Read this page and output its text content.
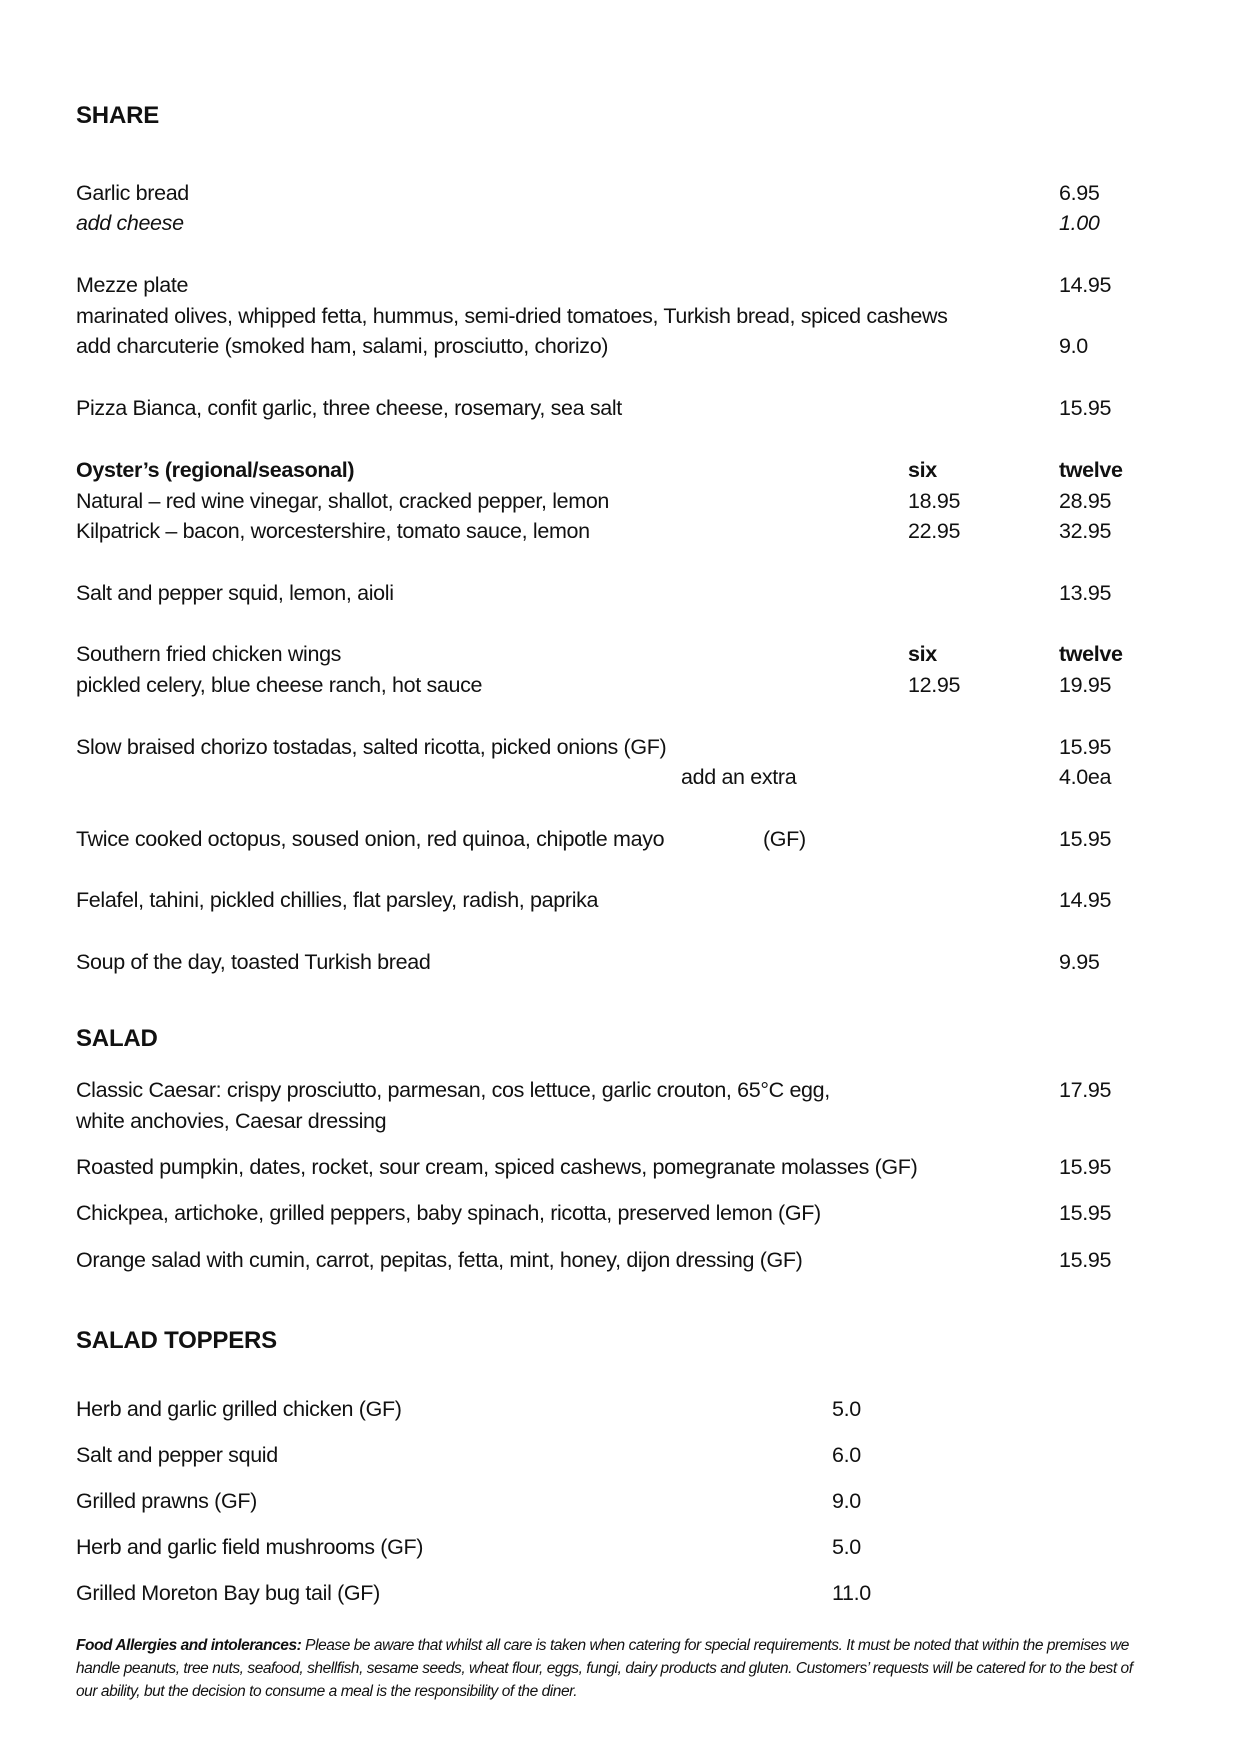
SHARE
Garlic bread	6.95
add cheese	1.00
Mezze plate	14.95
marinated olives, whipped fetta, hummus, semi-dried tomatoes, Turkish bread, spiced cashews
add charcuterie (smoked ham, salami, prosciutto, chorizo)	9.0
Pizza Bianca, confit garlic, three cheese, rosemary, sea salt	15.95
Oyster’s (regional/seasonal)	six	twelve
Natural – red wine vinegar, shallot, cracked pepper, lemon	18.95	28.95
Kilpatrick – bacon, worcestershire, tomato sauce, lemon	22.95	32.95
Salt and pepper squid, lemon, aioli	13.95
Southern fried chicken wings	six	twelve
pickled celery, blue cheese ranch, hot sauce	12.95	19.95
Slow braised chorizo tostadas, salted ricotta, picked onions (GF)	15.95
add an extra	4.0ea
Twice cooked octopus, soused onion, red quinoa, chipotle mayo	(GF)	15.95
Felafel, tahini, pickled chillies, flat parsley, radish, paprika	14.95
Soup of the day, toasted Turkish bread	9.95
SALAD
Classic Caesar: crispy prosciutto, parmesan, cos lettuce, garlic crouton, 65°C egg,	17.95
white anchovies, Caesar dressing
Roasted pumpkin, dates, rocket, sour cream, spiced cashews, pomegranate molasses (GF)	15.95
Chickpea, artichoke, grilled peppers, baby spinach, ricotta, preserved lemon (GF)	15.95
Orange salad with cumin, carrot, pepitas, fetta, mint, honey, dijon dressing (GF)	15.95
SALAD TOPPERS
Herb and garlic grilled chicken (GF)	5.0
Salt and pepper squid	6.0
Grilled prawns (GF)	9.0
Herb and garlic field mushrooms (GF)	5.0
Grilled Moreton Bay bug tail (GF)	11.0
Food Allergies and intolerances: Please be aware that whilst all care is taken when catering for special requirements. It must be noted that within the premises we handle peanuts, tree nuts, seafood, shellfish, sesame seeds, wheat flour, eggs, fungi, dairy products and gluten. Customers’ requests will be catered for to the best of our ability, but the decision to consume a meal is the responsibility of the diner.
